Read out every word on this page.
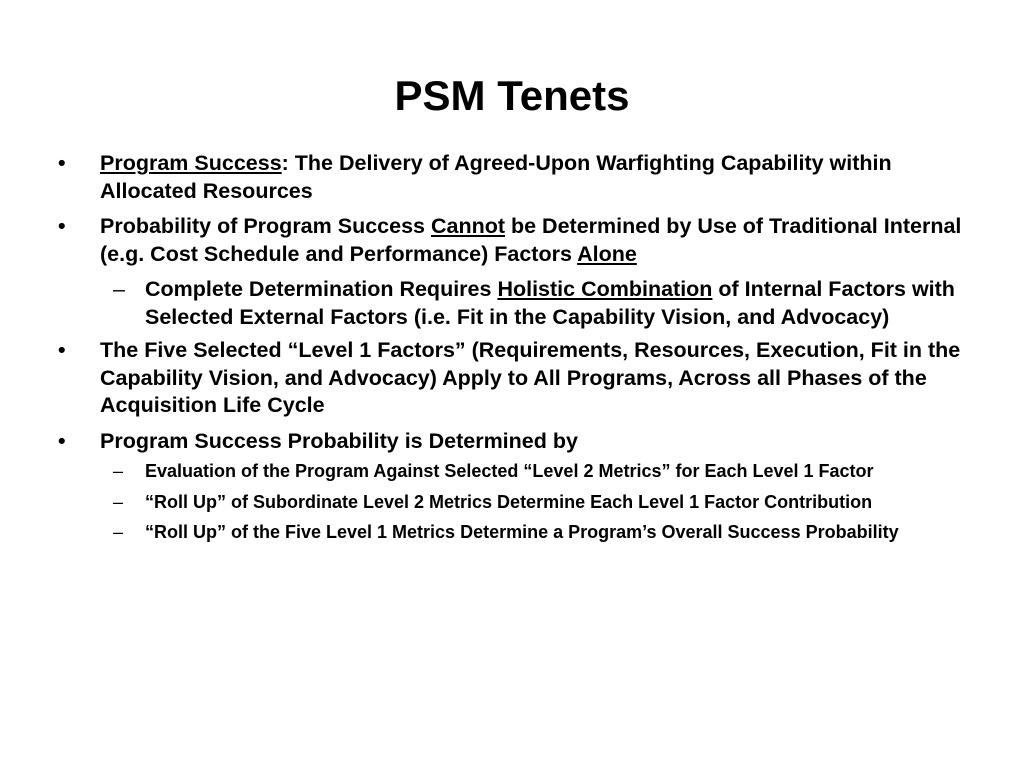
PSM Tenets
• Program Success: The Delivery of Agreed-Upon Warfighting Capability within Allocated Resources
• Probability of Program Success Cannot be Determined by Use of Traditional Internal (e.g. Cost Schedule and Performance) Factors Alone
– Complete Determination Requires Holistic Combination of Internal Factors with Selected External Factors (i.e. Fit in the Capability Vision, and Advocacy)
• The Five Selected “Level 1 Factors” (Requirements, Resources, Execution, Fit in the Capability Vision, and Advocacy) Apply to All Programs, Across all Phases of the Acquisition Life Cycle
• Program Success Probability is Determined by
– Evaluation of the Program Against Selected “Level 2 Metrics” for Each Level 1 Factor
– “Roll Up” of Subordinate Level 2 Metrics Determine Each Level 1 Factor Contribution
– “Roll Up” of the Five Level 1 Metrics Determine a Program’s Overall Success Probability
